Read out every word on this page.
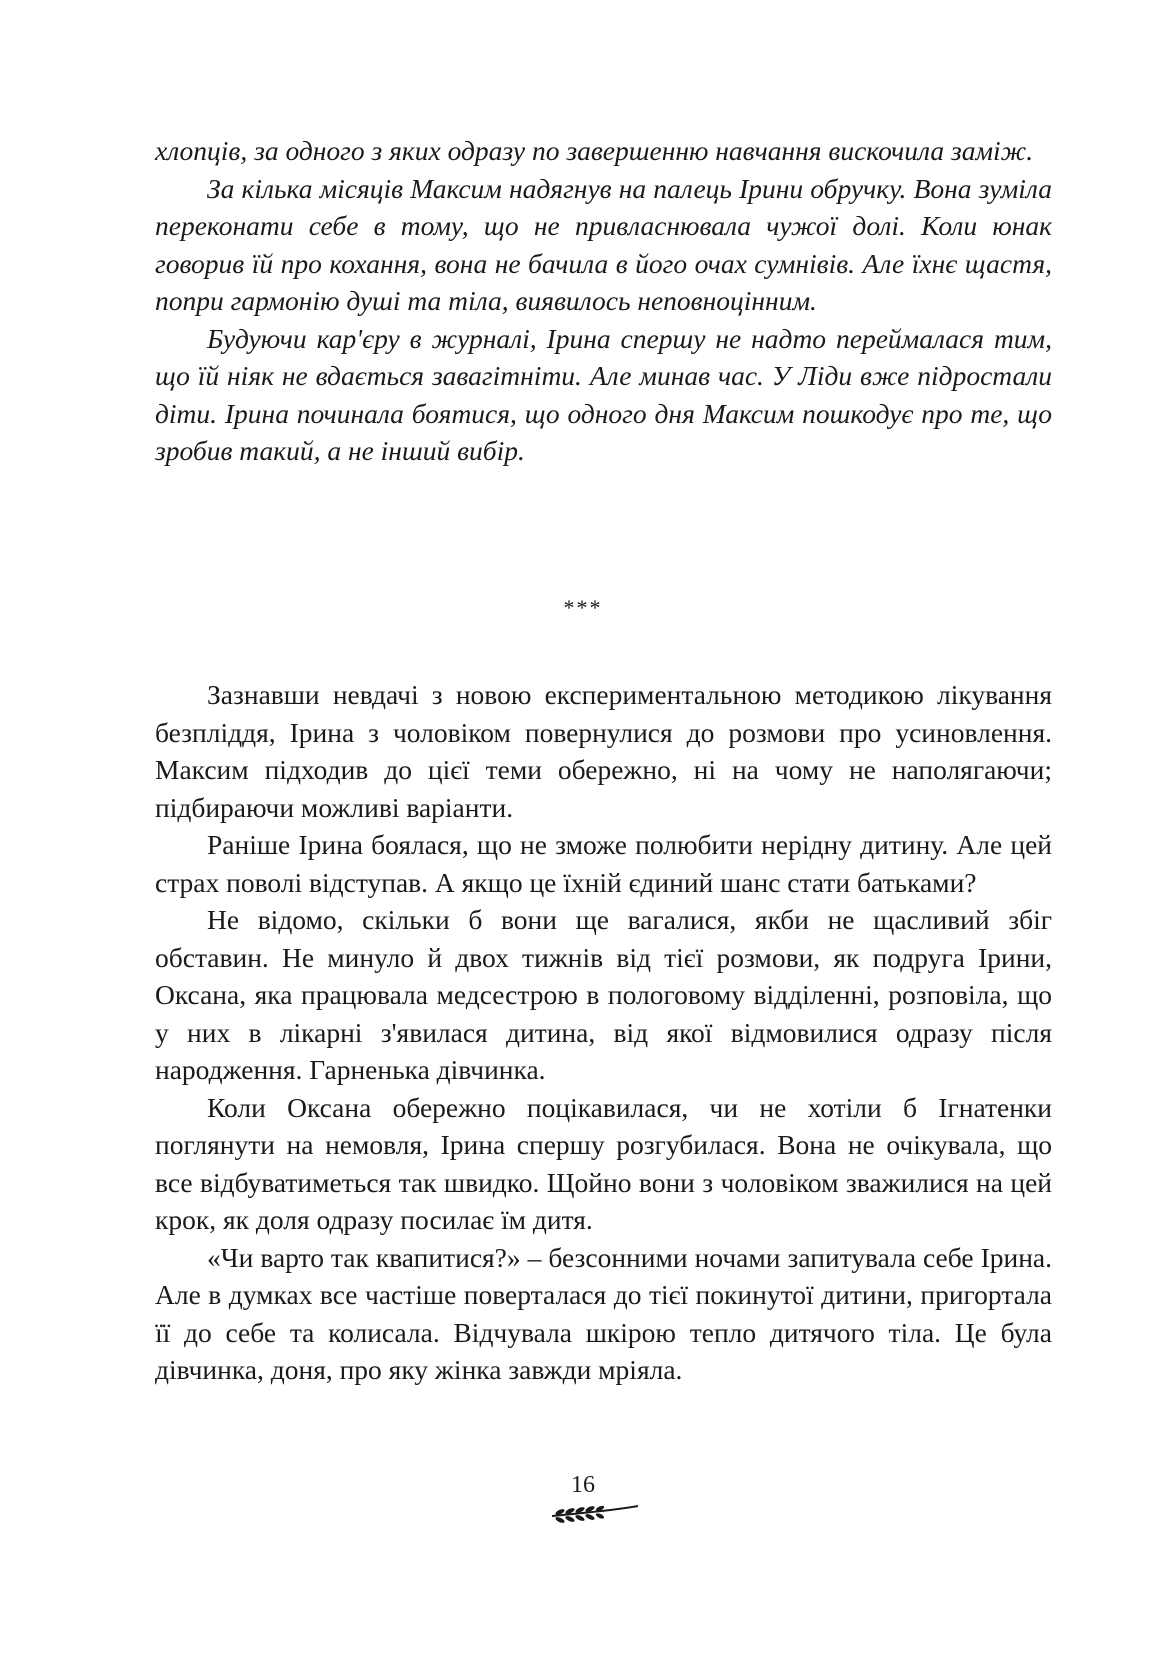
хлопців, за одного з яких одразу по завершенню навчання вискочила заміж.

За кілька місяців Максим надягнув на палець Ірини обручку. Вона зуміла переконати себе в тому, що не привласнювала чужої долі. Коли юнак говорив їй про кохання, вона не бачила в його очах сумнівів. Але їхнє щастя, попри гармонію душі та тіла, виявилось неповноцінним.

Будуючи кар'єру в журналі, Ірина спершу не надто переймалася тим, що їй ніяк не вдається завагітніти. Але минав час. У Ліди вже підростали діти. Ірина починала боятися, що одного дня Максим пошкодує про те, що зробив такий, а не інший вибір.

***

Зазнавши невдачі з новою експериментальною методикою лікування безпліддя, Ірина з чоловіком повернулися до розмови про усиновлення. Максим підходив до цієї теми обережно, ні на чому не наполягаючи; підбираючи можливі варіанти.

Раніше Ірина боялася, що не зможе полюбити нерідну дитину. Але цей страх поволі відступав. А якщо це їхній єдиний шанс стати батьками?

Не відомо, скільки б вони ще вагалися, якби не щасливий збіг обставин. Не минуло й двох тижнів від тієї розмови, як подруга Ірини, Оксана, яка працювала медсестрою в пологовому відділенні, розповіла, що у них в лікарні з'явилася дитина, від якої відмовилися одразу після народження. Гарненька дівчинка.

Коли Оксана обережно поцікавилася, чи не хотіли б Ігнатенки поглянути на немовля, Ірина спершу розгубилася. Вона не очікувала, що все відбуватиметься так швидко. Щойно вони з чоловіком зважилися на цей крок, як доля одразу посилає їм дитя.

«Чи варто так квапитися?» – безсонними ночами запитувала себе Ірина. Але в думках все частіше поверталася до тієї покинутої дитини, пригортала її до себе та колисала. Відчувала шкірою тепло дитячого тіла. Це була дівчинка, доня, про яку жінка завжди мріяла.

16
